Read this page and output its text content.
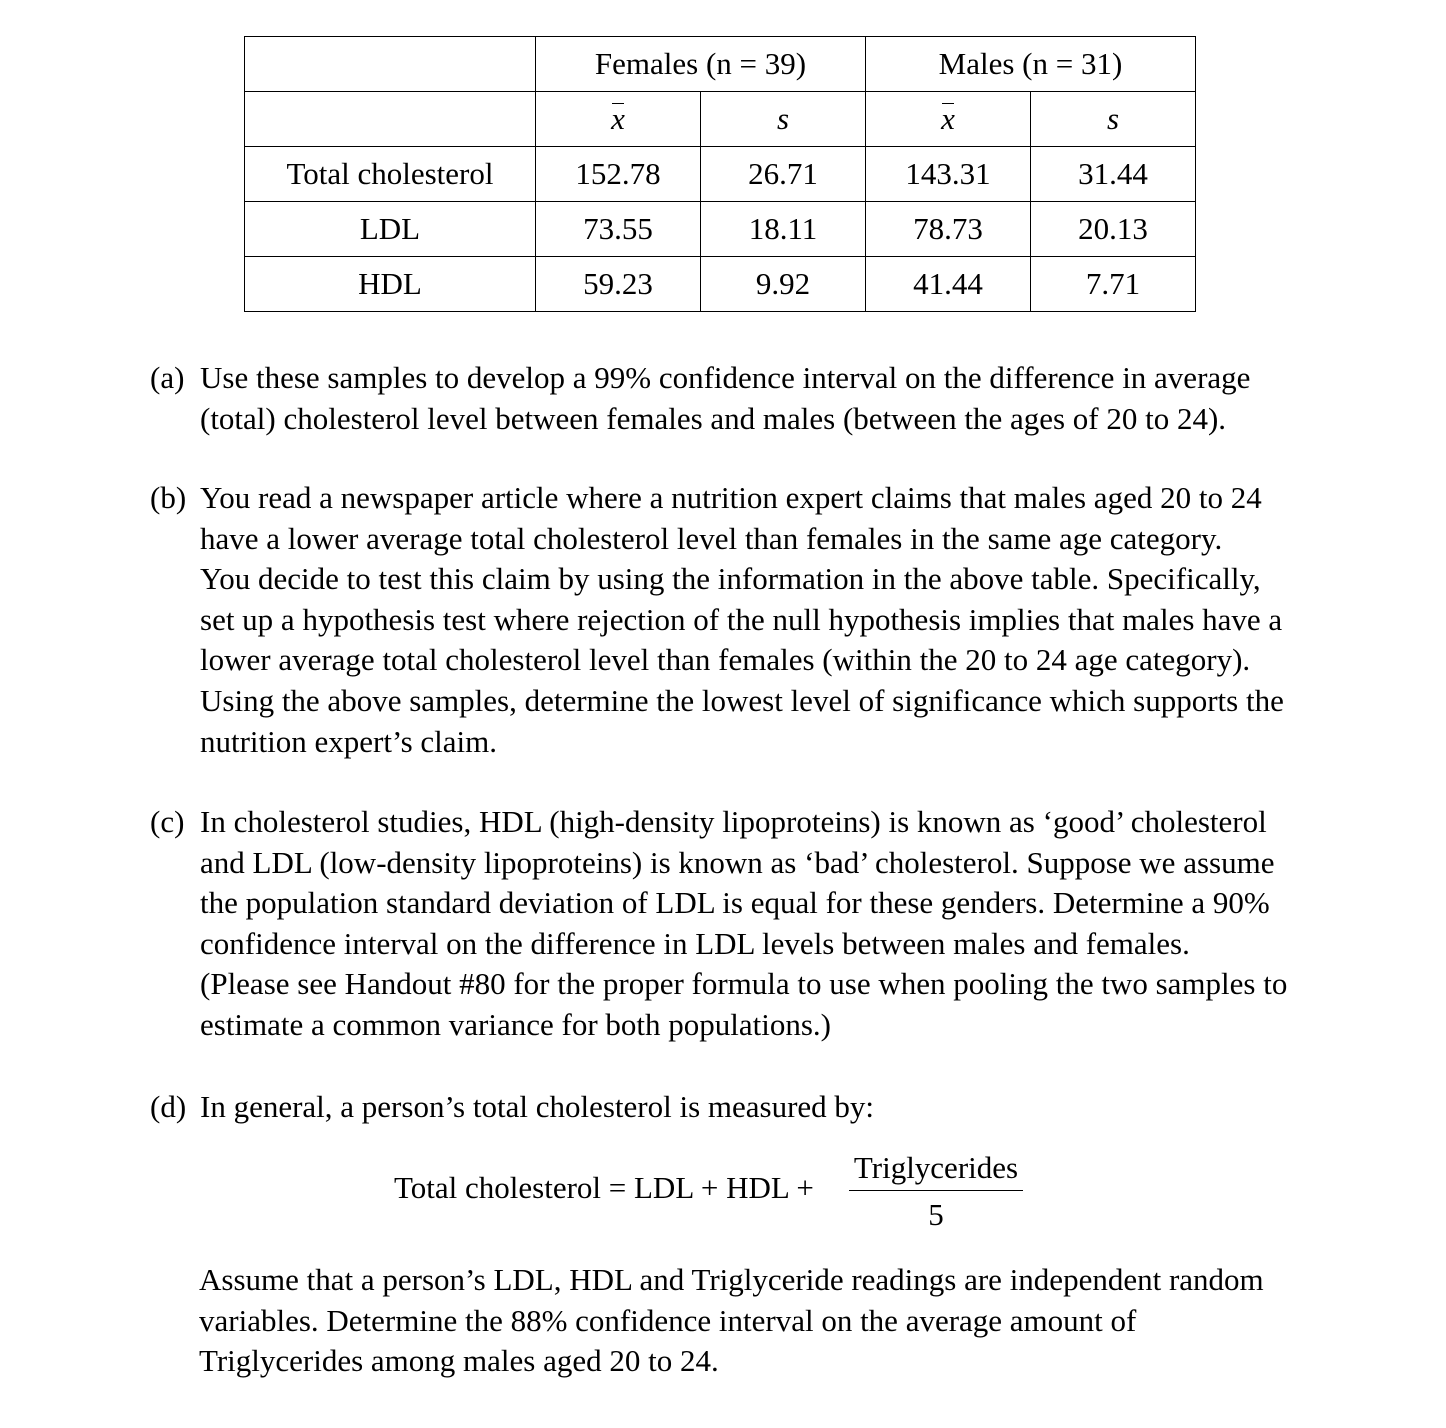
	Females (n = 39)		Males (n = 31)	
	x	s	x	s
Total cholesterol	152.78	26.71	143.31	31.44
LDL	73.55	18.11	78.73	20.13
HDL	59.23	9.92	41.44	7.71
(a) Use these samples to develop a 99% confidence interval on the difference in average

(total) cholesterol level between females and males (between the ages of 20 to 24).

(b) You read a newspaper article where a nutrition expert claims that males aged 20 to 24

have a lower average total cholesterol level than females in the same age category.

You decide to test this claim by using the information in the above table. Specifically,

set up a hypothesis test where rejection of the null hypothesis implies that males have a

lower average total cholesterol level than females (within the 20 to 24 age category).

Using the above samples, determine the lowest level of significance which supports the

nutrition expert’s claim.

(c) In cholesterol studies, HDL (high-density lipoproteins) is known as ‘good’ cholesterol

and LDL (low-density lipoproteins) is known as ‘bad’ cholesterol. Suppose we assume

the population standard deviation of LDL is equal for these genders. Determine a 90%

confidence interval on the difference in LDL levels between males and females.

(Please see Handout #80 for the proper formula to use when pooling the two samples to

estimate a common variance for both populations.)

(d) In general, a person’s total cholesterol is measured by:

Total cholesterol = LDL + HDL +
Triglycerides
5

Assume that a person’s LDL, HDL and Triglyceride readings are independent random

variables. Determine the 88% confidence interval on the average amount of

Triglycerides among males aged 20 to 24.
